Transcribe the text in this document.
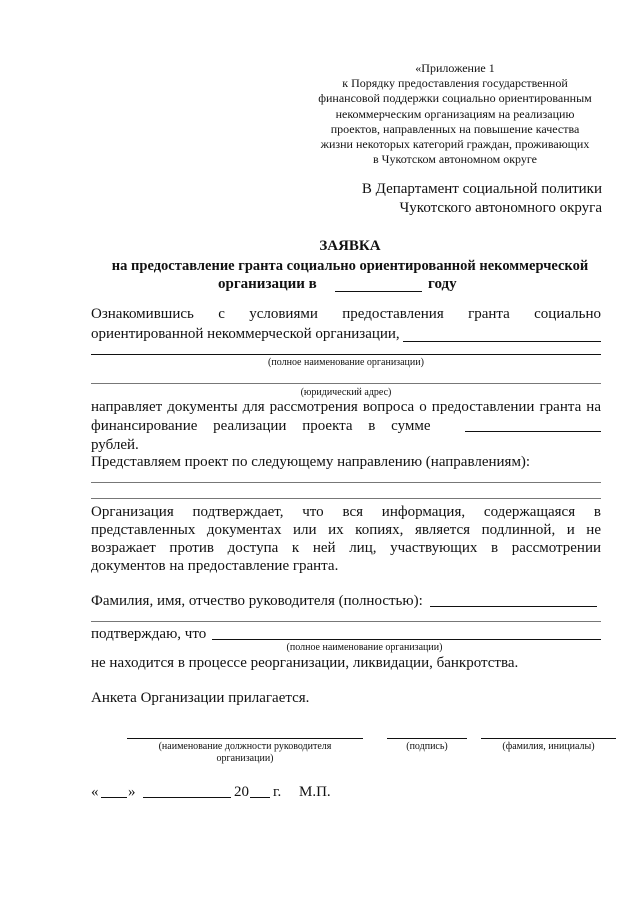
«Приложение 1
к Порядку предоставления государственной
финансовой поддержки социально ориентированным
некоммерческим организациям на реализацию
проектов, направленных на повышение качества
жизни некоторых категорий граждан, проживающих
в Чукотском автономном округе
В Департамент социальной политики
Чукотского автономного округа
ЗАЯВКА
на предоставление гранта социально ориентированной некоммерческой
организации в	году
Ознакомившись с условиями предоставления гранта социально
ориентированной некоммерческой организации,
(полное наименование организации)
(юридический адрес)
направляет документы для рассмотрения вопроса о предоставлении гранта на
финансирование реализации проекта в сумме
рублей.
Представляем проект по следующему направлению (направлениям):
Организация подтверждает, что вся информация, содержащаяся в
представленных документах или их копиях, является подлинной, и не
возражает против доступа к ней лиц, участвующих в рассмотрении
документов на предоставление гранта.
Фамилия, имя, отчество руководителя (полностью):
подтверждаю, что
(полное наименование организации)
не находится в процессе реорганизации, ликвидации, банкротства.
Анкета Организации прилагается.
(наименование должности руководителя
организации)
(подпись)	(фамилия, инициалы)
« »	20 г. М.П.
